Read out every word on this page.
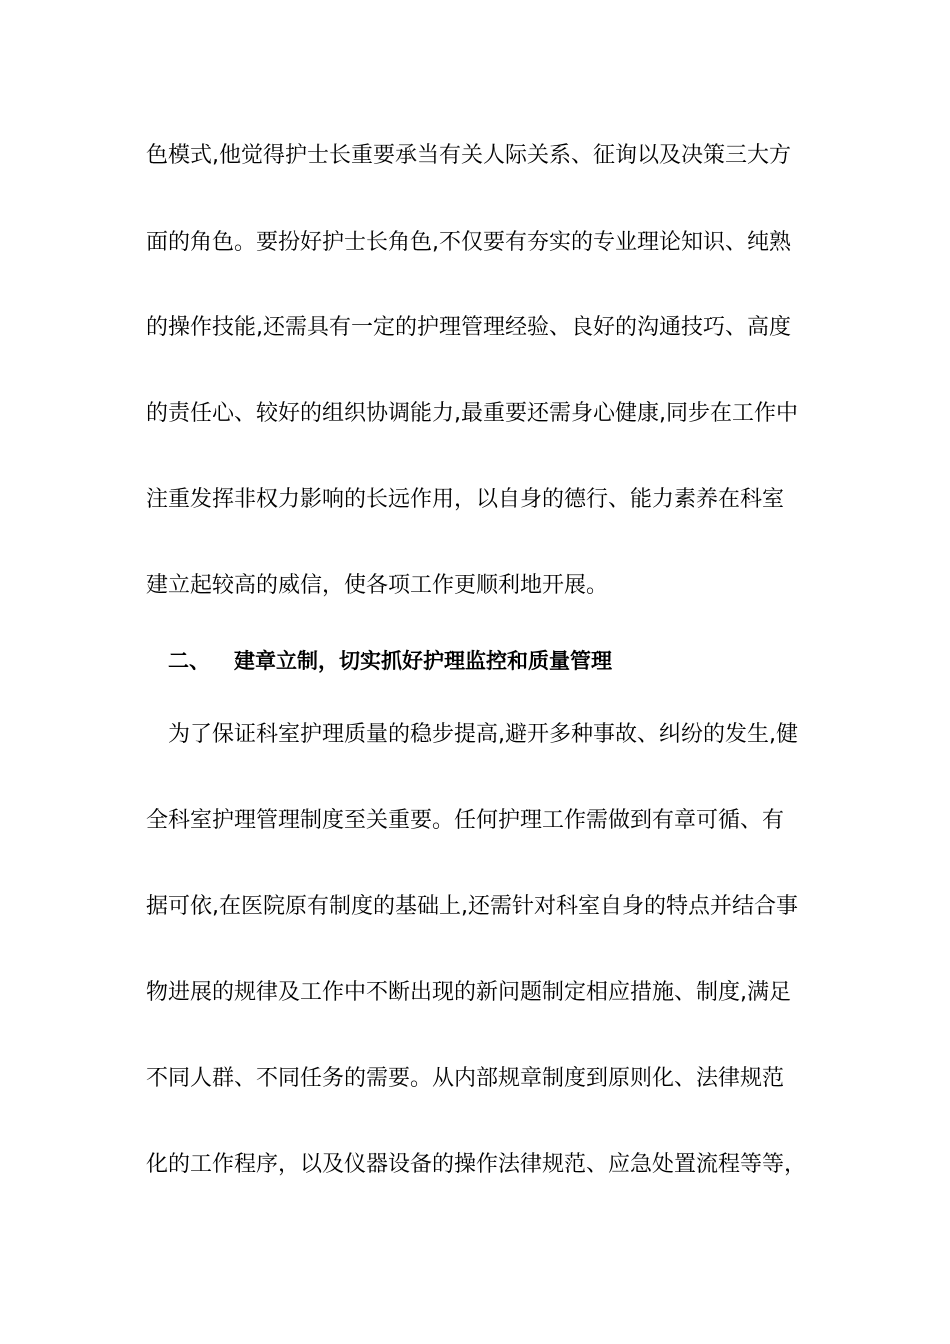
色模式,他觉得护士长重要承当有关人际关系、征询以及决策三大方
面的角色。要扮好护士长角色,不仅要有夯实的专业理论知识、纯熟
的操作技能,还需具有一定的护理管理经验、良好的沟通技巧、高度
的责任心、较好的组织协调能力,最重要还需身心健康,同步在工作中
注重发挥非权力影响的长远作用，以自身的德行、能力素养在科室
建立起较高的威信，使各项工作更顺利地开展。
二、 建章立制，切实抓好护理监控和质量管理
为了保证科室护理质量的稳步提高,避开多种事故、纠纷的发生,健
全科室护理管理制度至关重要。任何护理工作需做到有章可循、有
据可依,在医院原有制度的基础上,还需针对科室自身的特点并结合事
物进展的规律及工作中不断出现的新问题制定相应措施、制度,满足
不同人群、不同任务的需要。从内部规章制度到原则化、法律规范
化的工作程序，以及仪器设备的操作法律规范、应急处置流程等等，
